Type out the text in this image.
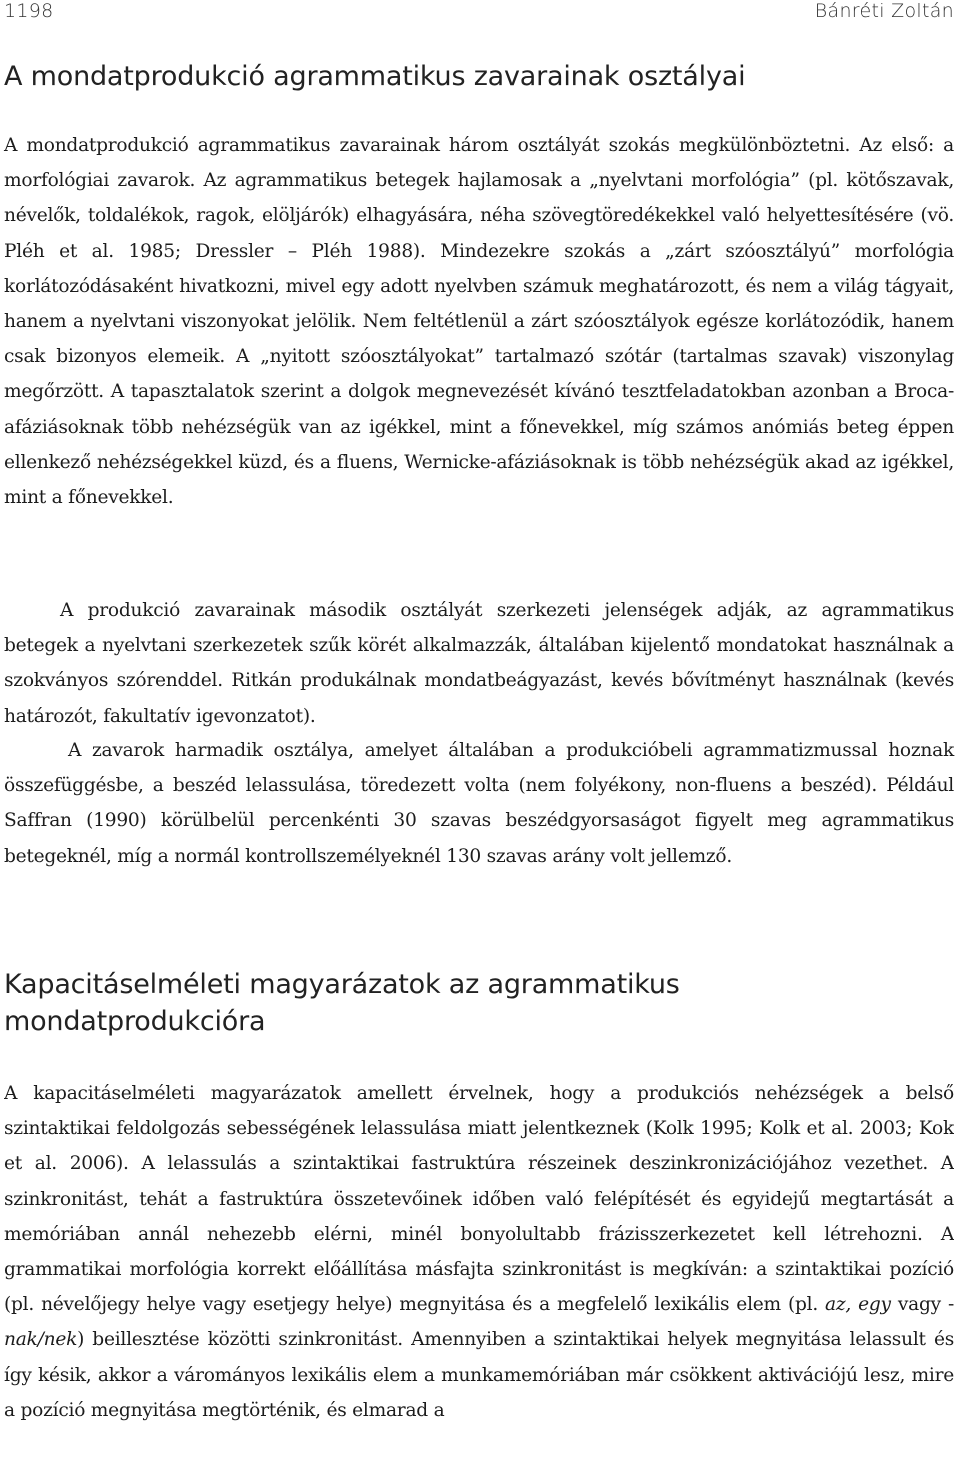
1198	Bánréti Zoltán
A mondatprodukció agrammatikus zavarainak osztályai

A mondatprodukció agrammatikus zavarainak három osztályát szokás megkülönböztetni. Az első: a morfológiai zavarok. Az agrammatikus betegek hajlamosak a „nyelvtani morfológia” (pl. kötőszavak, névelők, toldalékok, ragok, elöljárók) elhagyására, néha szövegtöredékekkel való helyettesítésére (vö. Pléh et al. 1985; Dressler – Pléh 1988). Mindezekre szokás a „zárt szóosztályú” morfológia korlátozódásaként hivatkozni, mivel egy adott nyelvben számuk meghatározott, és nem a világ tágyait, hanem a nyelvtani viszonyokat jelölik. Nem feltétlenül a zárt szóosztályok egésze korlátozódik, hanem csak bizonyos elemeik. A „nyitott szóosztályokat” tartalmazó szótár (tartalmas szavak) viszonylag megőrzött. A tapasztalatok szerint a dolgok megnevezését kívánó tesztfeladatokban azonban a Broca-afáziásoknak több nehézségük van az igékkel, mint a főnevekkel, míg számos anómiás beteg éppen ellenkező nehézségekkel küzd, és a fluens, Wernicke-afáziásoknak is több nehézségük akad az igékkel, mint a főnevekkel.

A produkció zavarainak második osztályát szerkezeti jelenségek adják, az agrammatikus betegek a nyelvtani szerkezetek szűk körét alkalmazzák, általában kijelentő mondatokat használnak a szokványos szórenddel. Ritkán produkálnak mondatbeágyazást, kevés bővítményt használnak (kevés határozót, fakultatív igevonzatot).

A zavarok harmadik osztálya, amelyet általában a produkcióbeli agrammatizmussal hoznak összefüggésbe, a beszéd lelassulása, töredezett volta (nem folyékony, non-fluens a beszéd). Például Saffran (1990) körülbelül percenkénti 30 szavas beszédgyorsaságot figyelt meg agrammatikus betegeknél, míg a normál kontrollszemélyeknél 130 szavas arány volt jellemző.

Kapacitáselméleti magyarázatok az agrammatikus mondatprodukcióra

A kapacitáselméleti magyarázatok amellett érvelnek, hogy a produkciós nehézségek a belső szintaktikai feldolgozás sebességének lelassulása miatt jelentkeznek (Kolk 1995; Kolk et al. 2003; Kok et al. 2006). A lelassulás a szintaktikai fastruktúra részeinek deszinkronizációjához vezethet. A szinkronitást, tehát a fastruktúra összetevőinek időben való felépítését és egyidejű megtartását a memóriában annál nehezebb elérni, minél bonyolultabb frázisszerkezetet kell létrehozni. A grammatikai morfológia korrekt előállítása másfajta szinkronitást is megkíván: a szintaktikai pozíció (pl. névelőjegy helye vagy esetjegy helye) megnyitása és a megfelelő lexikális elem (pl. az, egy vagy -nak/nek) beillesztése közötti szinkronitást. Amennyiben a szintaktikai helyek megnyitása lelassult és így késik, akkor a várományos lexikális elem a munkamemóriában már csökkent aktivációjú lesz, mire a pozíció megnyitása megtörténik, és elmarad a
